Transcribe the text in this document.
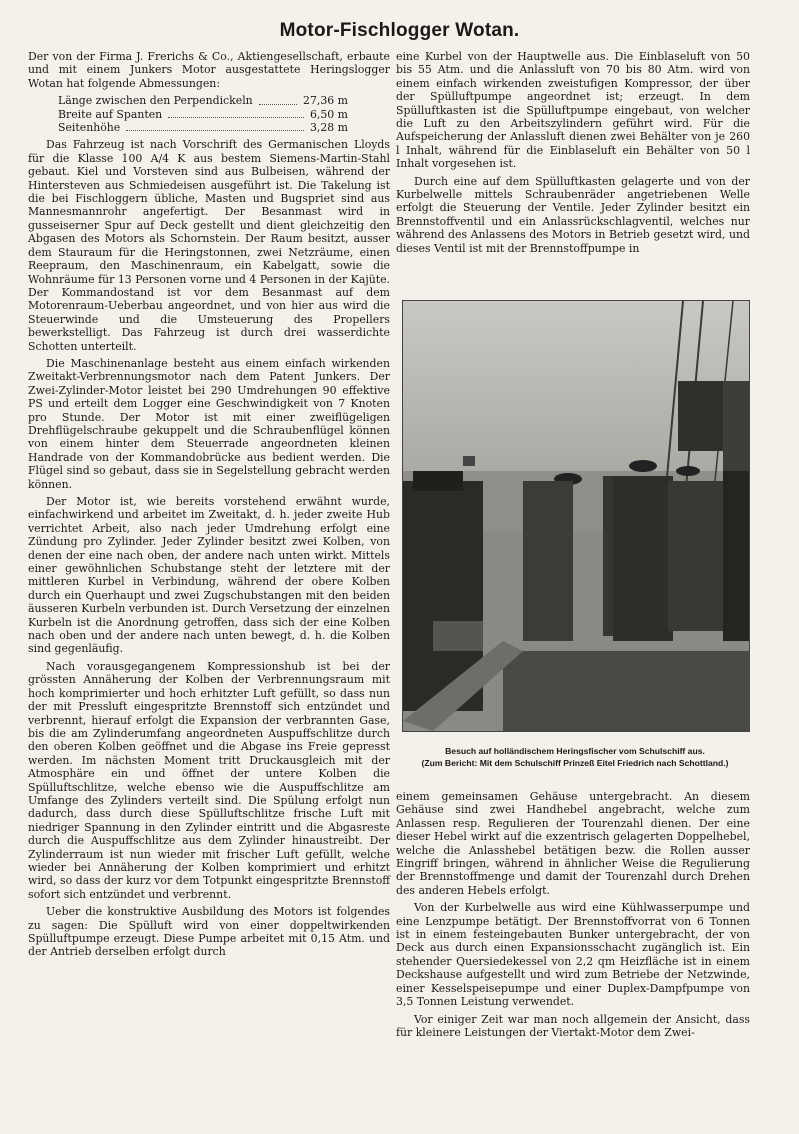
Motor-Fischlogger Wotan.

Der von der Firma J. Frerichs & Co., Aktiengesellschaft, erbaute und mit einem Junkers Motor ausgestattete Heringslogger Wotan hat folgende Abmessungen:

Länge zwischen den Perpendickeln	27,36 m
Breite auf Spanten	6,50 m
Seitenhöhe	3,28 m

Das Fahrzeug ist nach Vorschrift des Germanischen Lloyds für die Klasse 100 A/4 K aus bestem Siemens-Martin-Stahl gebaut. Kiel und Vorsteven sind aus Bulbeisen, während der Hintersteven aus Schmiedeisen ausgeführt ist. Die Takelung ist die bei Fischloggern übliche, Masten und Bugspriet sind aus Mannesmannrohr angefertigt. Der Besanmast wird in gusseiserner Spur auf Deck gestellt und dient gleichzeitig den Abgasen des Motors als Schornstein. Der Raum besitzt, ausser dem Stauraum für die Heringstonnen, zwei Netzräume, einen Reepraum, den Maschinenraum, ein Kabelgatt, sowie die Wohnräume für 13 Personen vorne und 4 Personen in der Kajüte. Der Kommandostand ist vor dem Besanmast auf dem Motorenraum-Ueberbau angeordnet, und von hier aus wird die Steuerwinde und die Umsteuerung des Propellers bewerkstelligt. Das Fahrzeug ist durch drei wasserdichte Schotten unterteilt.

Die Maschinenanlage besteht aus einem einfach wirkenden Zweitakt-Verbrennungsmotor nach dem Patent Junkers. Der Zwei-Zylinder-Motor leistet bei 290 Umdrehungen 90 effektive PS und erteilt dem Logger eine Geschwindigkeit von 7 Knoten pro Stunde. Der Motor ist mit einer zweiflügeligen Drehflügelschraube gekuppelt und die Schraubenflügel können von einem hinter dem Steuerrade angeordneten kleinen Handrade von der Kommandobrücke aus bedient werden. Die Flügel sind so gebaut, dass sie in Segelstellung gebracht werden können.

Der Motor ist, wie bereits vorstehend erwähnt wurde, einfachwirkend und arbeitet im Zweitakt, d. h. jeder zweite Hub verrichtet Arbeit, also nach jeder Umdrehung erfolgt eine Zündung pro Zylinder. Jeder Zylinder besitzt zwei Kolben, von denen der eine nach oben, der andere nach unten wirkt. Mittels einer gewöhnlichen Schubstange steht der letztere mit der mittleren Kurbel in Verbindung, während der obere Kolben durch ein Querhaupt und zwei Zugschubstangen mit den beiden äusseren Kurbeln verbunden ist. Durch Versetzung der einzelnen Kurbeln ist die Anordnung getroffen, dass sich der eine Kolben nach oben und der andere nach unten bewegt, d. h. die Kolben sind gegenläufig.

Nach vorausgegangenem Kompressionshub ist bei der grössten Annäherung der Kolben der Verbrennungsraum mit hoch komprimierter und hoch erhitzter Luft gefüllt, so dass nun der mit Pressluft eingespritzte Brennstoff sich entzündet und verbrennt, hierauf erfolgt die Expansion der verbrannten Gase, bis die am Zylinderumfang angeordneten Auspuffschlitze durch den oberen Kolben geöffnet und die Abgase ins Freie gepresst werden. Im nächsten Moment tritt Druckausgleich mit der Atmosphäre ein und öffnet der untere Kolben die Spülluftschlitze, welche ebenso wie die Auspuffschlitze am Umfange des Zylinders verteilt sind. Die Spülung erfolgt nun dadurch, dass durch diese Spülluftschlitze frische Luft mit niedriger Spannung in den Zylinder eintritt und die Abgasreste durch die Auspuffschlitze aus dem Zylinder hinaustreibt. Der Zylinderraum ist nun wieder mit frischer Luft gefüllt, welche wieder bei Annäherung der Kolben komprimiert und erhitzt wird, so dass der kurz vor dem Totpunkt eingespritzte Brennstoff sofort sich entzündet und verbrennt.

Ueber die konstruktive Ausbildung des Motors ist folgendes zu sagen: Die Spülluft wird von einer doppeltwirkenden Spülluftpumpe erzeugt. Diese Pumpe arbeitet mit 0,15 Atm. und der Antrieb derselben erfolgt durch

eine Kurbel von der Hauptwelle aus. Die Einblaseluft von 50 bis 55 Atm. und die Anlassluft von 70 bis 80 Atm. wird von einem einfach wirkenden zweistufigen Kompressor, der über der Spülluftpumpe angeordnet ist; erzeugt. In dem Spülluftkasten ist die Spülluftpumpe eingebaut, von welcher die Luft zu den Arbeitszylindern geführt wird. Für die Aufspeicherung der Anlassluft dienen zwei Behälter von je 260 l Inhalt, während für die Einblaseluft ein Behälter von 50 l Inhalt vorgesehen ist.

Durch eine auf dem Spülluftkasten gelagerte und von der Kurbelwelle mittels Schraubenräder angetriebenen Welle erfolgt die Steuerung der Ventile. Jeder Zylinder besitzt ein Brennstoffventil und ein Anlassrückschlagventil, welches nur während des Anlassens des Motors in Betrieb gesetzt wird, und dieses Ventil ist mit der Brennstoffpumpe in

Besuch auf holländischem Heringsfischer vom Schulschiff aus.
(Zum Bericht: Mit dem Schulschiff Prinzeß Eitel Friedrich nach Schottland.)

einem gemeinsamen Gehäuse untergebracht. An diesem Gehäuse sind zwei Handhebel angebracht, welche zum Anlassen resp. Regulieren der Tourenzahl dienen. Der eine dieser Hebel wirkt auf die exzentrisch gelagerten Doppelhebel, welche die Anlasshebel betätigen bezw. die Rollen ausser Eingriff bringen, während in ähnlicher Weise die Regulierung der Brennstoffmenge und damit der Tourenzahl durch Drehen des anderen Hebels erfolgt.

Von der Kurbelwelle aus wird eine Kühlwasserpumpe und eine Lenzpumpe betätigt. Der Brennstoffvorrat von 6 Tonnen ist in einem festeingebauten Bunker untergebracht, der von Deck aus durch einen Expansionsschacht zugänglich ist. Ein stehender Quersiedekessel von 2,2 qm Heizfläche ist in einem Deckshause aufgestellt und wird zum Betriebe der Netzwinde, einer Kesselspeisepumpe und einer Duplex-Dampfpumpe von 3,5 Tonnen Leistung verwendet.

Vor einiger Zeit war man noch allgemein der Ansicht, dass für kleinere Leistungen der Viertakt-Motor dem Zwei-
